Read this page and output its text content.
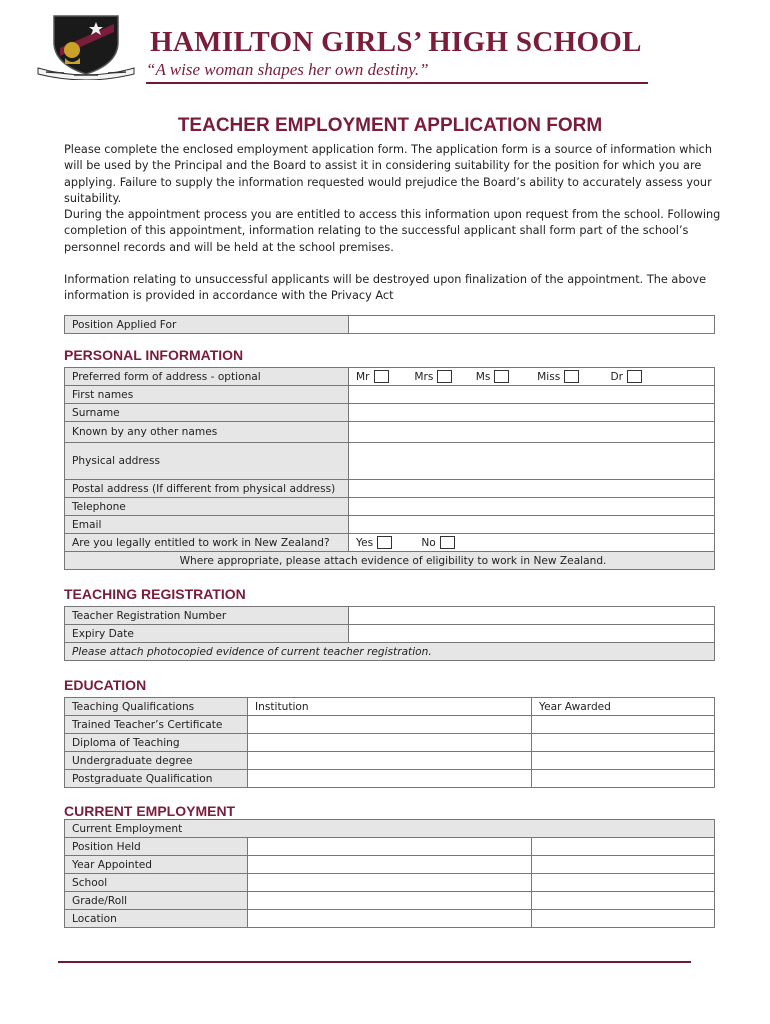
HAMILTON GIRLS’ HIGH SCHOOL
“A wise woman shapes her own destiny.”
TEACHER EMPLOYMENT APPLICATION FORM

Please complete the enclosed employment application form. The application form is a source of information which will be used by the Principal and the Board to assist it in considering suitability for the position for which you are applying. Failure to supply the information requested would prejudice the Board’s ability to accurately assess your suitability.

During the appointment process you are entitled to access this information upon request from the school. Following completion of this appointment, information relating to the successful applicant shall form part of the school’s personnel records and will be held at the school premises.

Information relating to unsuccessful applicants will be destroyed upon finalization of the appointment. The above information is provided in accordance with the Privacy Act

Position Applied For	
PERSONAL INFORMATION
Preferred form of address - optional	Mr
Mrs
Ms
Miss
Dr

First names	
Surname	
Known by any other names	
Physical address	
Postal address (If different from physical address)	
Telephone	
Email	
Are you legally entitled to work in New Zealand?	Yes
No

Where appropriate, please attach evidence of eligibility to work in New Zealand.	
TEACHING REGISTRATION
Teacher Registration Number	
Expiry Date	
Please attach photocopied evidence of current teacher registration.	
EDUCATION
Teaching Qualifications	Institution	Year Awarded
Trained Teacher’s Certificate		
Diploma of Teaching		
Undergraduate degree		
Postgraduate Qualification		
CURRENT EMPLOYMENT
Current Employment		
Position Held		
Year Appointed		
School		
Grade/Roll		
Location		
